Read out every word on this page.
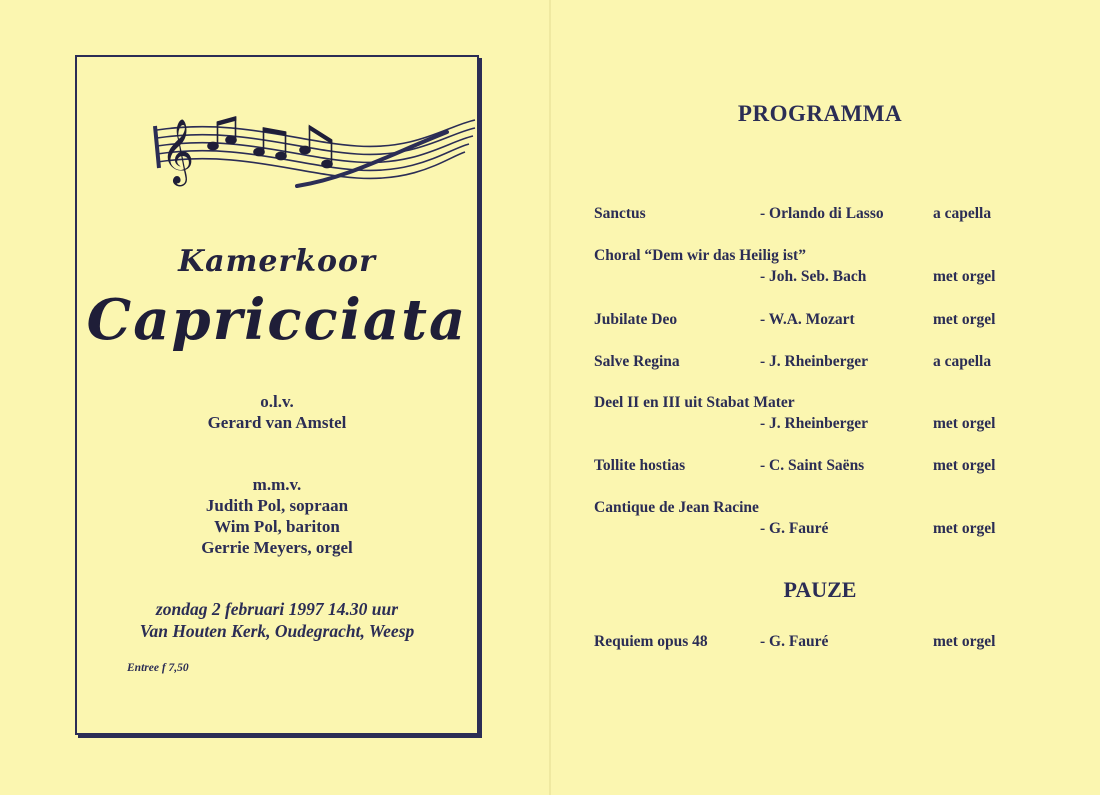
𝄞
Kamerkoor
Capricciata
o.l.v.
Gerard van Amstel
m.m.v.
Judith Pol, sopraan
Wim Pol, bariton
Gerrie Meyers, orgel
zondag 2 februari 1997 14.30 uur
Van Houten Kerk, Oudegracht, Weesp
Entree f 7,50
PROGRAMMA
Sanctus	- Orlando di Lasso	a capella
Choral “Dem wir das Heilig ist”
- Joh. Seb. Bach	met orgel
Jubilate Deo	- W.A. Mozart	met orgel
Salve Regina	- J. Rheinberger	a capella
Deel II en III uit Stabat Mater
- J. Rheinberger	met orgel
Tollite hostias	- C. Saint Saëns	met orgel
Cantique de Jean Racine
- G. Fauré	met orgel
PAUZE
Requiem opus 48	- G. Fauré	met orgel
